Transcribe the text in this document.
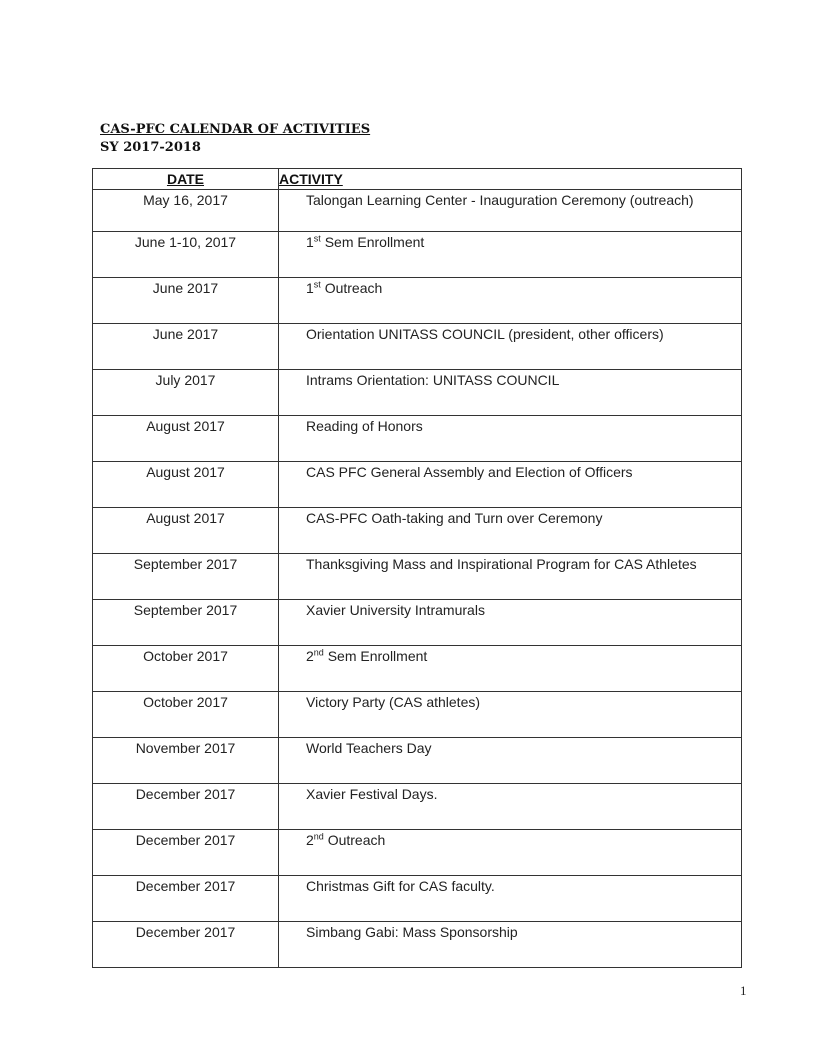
CAS-PFC CALENDAR OF ACTIVITIES
SY 2017-2018
DATE	ACTIVITY

May 16, 2017	Talongan Learning Center - Inauguration Ceremony (outreach)

June 1-10, 2017	1st Sem Enrollment

June 2017	1st Outreach

June 2017	Orientation UNITASS COUNCIL (president, other officers)

July 2017	Intrams Orientation: UNITASS COUNCIL

August 2017	Reading of Honors

August 2017	CAS PFC General Assembly and Election of Officers

August 2017	CAS-PFC Oath-taking and Turn over Ceremony

September 2017	Thanksgiving Mass and Inspirational Program for CAS Athletes

September 2017	Xavier University Intramurals

October 2017	2nd Sem Enrollment

October 2017	Victory Party (CAS athletes)

November 2017	World Teachers Day

December 2017	Xavier Festival Days.

December 2017	2nd Outreach

December 2017	Christmas Gift for CAS faculty.

December 2017	Simbang Gabi: Mass Sponsorship
1
